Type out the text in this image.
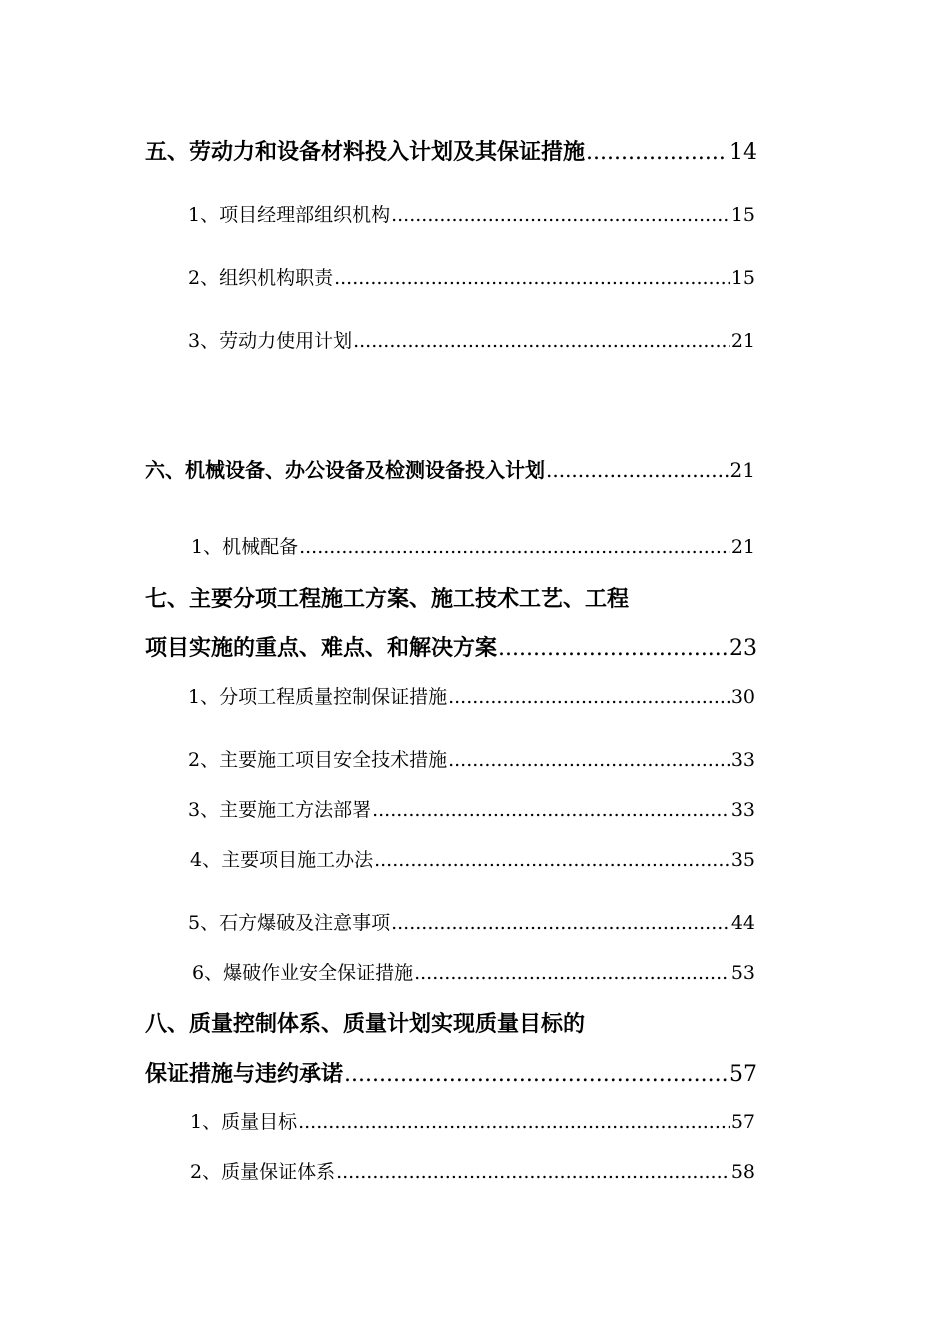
五、劳动力和设备材料投入计划及其保证措施 .....	14
1、项目经理部组织机构 .....	15
2、组织机构职责 .....	15
3、劳动力使用计划 .....	21
六、机械设备、办公设备及检测设备投入计划 .....	21
1、机械配备 .....	21
七、主要分项工程施工方案、施工技术工艺、工程
项目实施的重点、难点、和解决方案 .....	23
1、分项工程质量控制保证措施 .....	30
2、主要施工项目安全技术措施 .....	33
3、主要施工方法部署 .....	33
4、主要项目施工办法 .....	35
5、石方爆破及注意事项 .....	44
6、爆破作业安全保证措施 .....	53
八、质量控制体系、质量计划实现质量目标的
保证措施与违约承诺 .....	57
1、质量目标 .....	57
2、质量保证体系 .....	58
